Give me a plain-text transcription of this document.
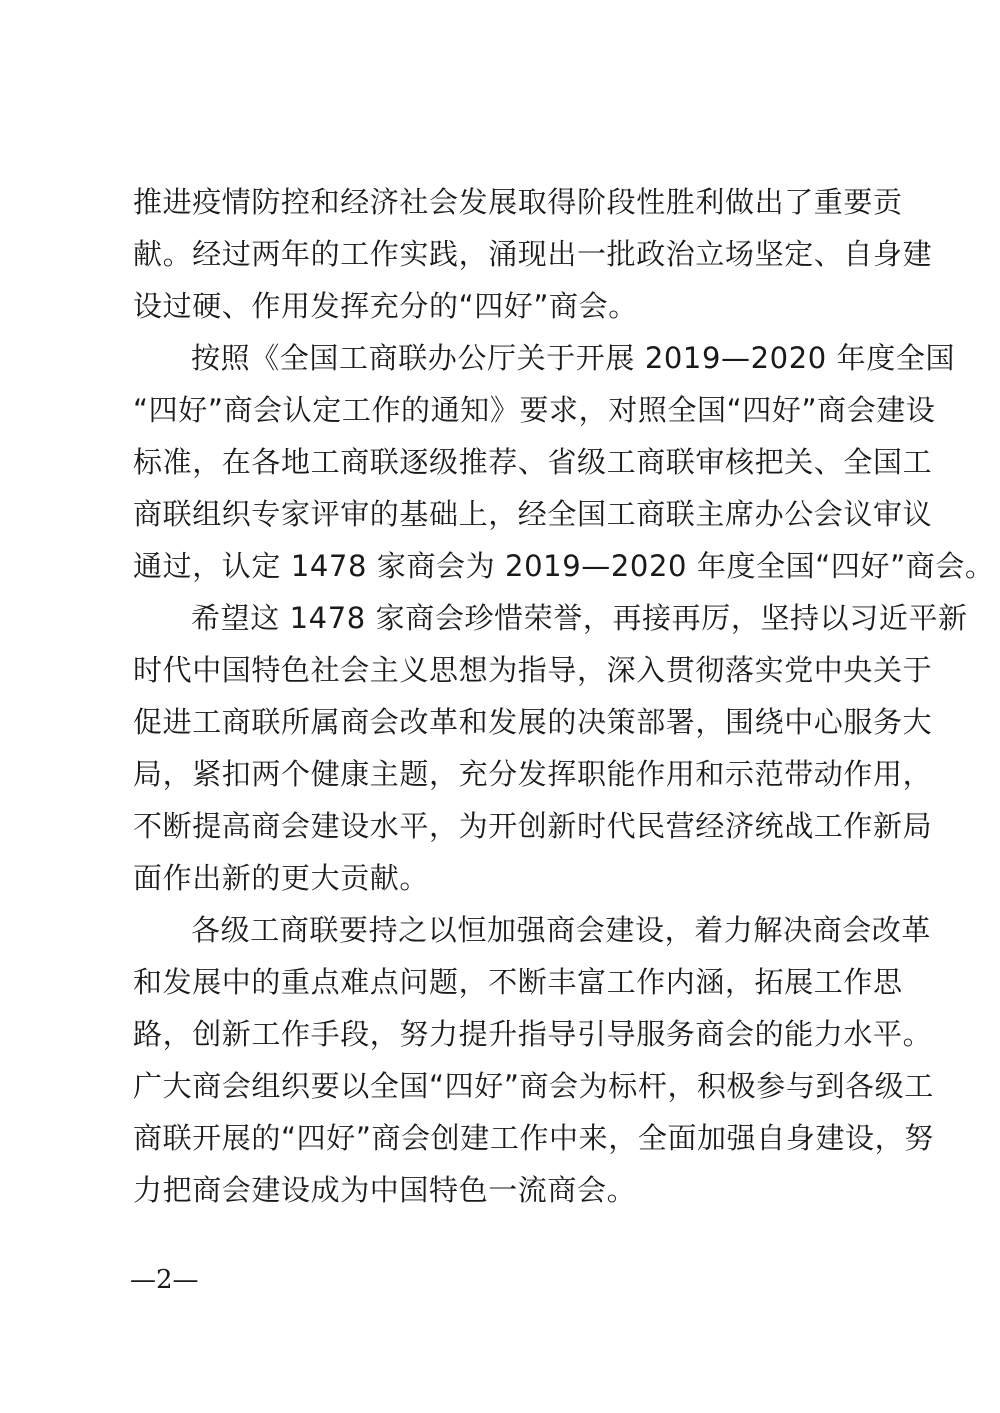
推进疫情防控和经济社会发展取得阶段性胜利做出了重要贡
献。经过两年的工作实践，涌现出一批政治立场坚定、自身建
设过硬、作用发挥充分的“四好”商会。
按照《全国工商联办公厅关于开展 2019—2020 年度全国
“四好”商会认定工作的通知》要求，对照全国“四好”商会建设
标准，在各地工商联逐级推荐、省级工商联审核把关、全国工
商联组织专家评审的基础上，经全国工商联主席办公会议审议
通过，认定 1478 家商会为 2019—2020 年度全国“四好”商会。
希望这 1478 家商会珍惜荣誉，再接再厉，坚持以习近平新
时代中国特色社会主义思想为指导，深入贯彻落实党中央关于
促进工商联所属商会改革和发展的决策部署，围绕中心服务大
局，紧扣两个健康主题，充分发挥职能作用和示范带动作用，
不断提高商会建设水平，为开创新时代民营经济统战工作新局
面作出新的更大贡献。
各级工商联要持之以恒加强商会建设，着力解决商会改革
和发展中的重点难点问题，不断丰富工作内涵，拓展工作思
路，创新工作手段，努力提升指导引导服务商会的能力水平。
广大商会组织要以全国“四好”商会为标杆，积极参与到各级工
商联开展的“四好”商会创建工作中来，全面加强自身建设，努
力把商会建设成为中国特色一流商会。
—2—
